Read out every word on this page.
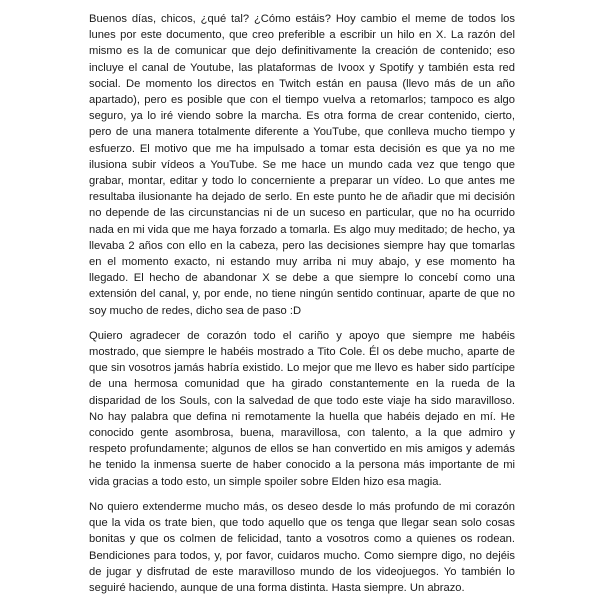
Buenos días, chicos, ¿qué tal? ¿Cómo estáis? Hoy cambio el meme de todos los lunes por este documento, que creo preferible a escribir un hilo en X. La razón del mismo es la de comunicar que dejo definitivamente la creación de contenido; eso incluye el canal de Youtube, las plataformas de Ivoox y Spotify y también esta red social. De momento los directos en Twitch están en pausa (llevo más de un año apartado), pero es posible que con el tiempo vuelva a retomarlos; tampoco es algo seguro, ya lo iré viendo sobre la marcha. Es otra forma de crear contenido, cierto, pero de una manera totalmente diferente a YouTube, que conlleva mucho tiempo y esfuerzo. El motivo que me ha impulsado a tomar esta decisión es que ya no me ilusiona subir vídeos a YouTube. Se me hace un mundo cada vez que tengo que grabar, montar, editar y todo lo concerniente a preparar un vídeo. Lo que antes me resultaba ilusionante ha dejado de serlo. En este punto he de añadir que mi decisión no depende de las circunstancias ni de un suceso en particular, que no ha ocurrido nada en mi vida que me haya forzado a tomarla. Es algo muy meditado; de hecho, ya llevaba 2 años con ello en la cabeza, pero las decisiones siempre hay que tomarlas en el momento exacto, ni estando muy arriba ni muy abajo, y ese momento ha llegado. El hecho de abandonar X se debe a que siempre lo concebí como una extensión del canal, y, por ende, no tiene ningún sentido continuar, aparte de que no soy mucho de redes, dicho sea de paso :D

Quiero agradecer de corazón todo el cariño y apoyo que siempre me habéis mostrado, que siempre le habéis mostrado a Tito Cole. Él os debe mucho, aparte de que sin vosotros jamás habría existido. Lo mejor que me llevo es haber sido partícipe de una hermosa comunidad que ha girado constantemente en la rueda de la disparidad de los Souls, con la salvedad de que todo este viaje ha sido maravilloso. No hay palabra que defina ni remotamente la huella que habéis dejado en mí. He conocido gente asombrosa, buena, maravillosa, con talento, a la que admiro y respeto profundamente; algunos de ellos se han convertido en mis amigos y además he tenido la inmensa suerte de haber conocido a la persona más importante de mi vida gracias a todo esto, un simple spoiler sobre Elden hizo esa magia.

No quiero extenderme mucho más, os deseo desde lo más profundo de mi corazón que la vida os trate bien, que todo aquello que os tenga que llegar sean solo cosas bonitas y que os colmen de felicidad, tanto a vosotros como a quienes os rodean. Bendiciones para todos, y, por favor, cuidaros mucho. Como siempre digo, no dejéis de jugar y disfrutad de este maravilloso mundo de los videojuegos. Yo también lo seguiré haciendo, aunque de una forma distinta. Hasta siempre. Un abrazo.
